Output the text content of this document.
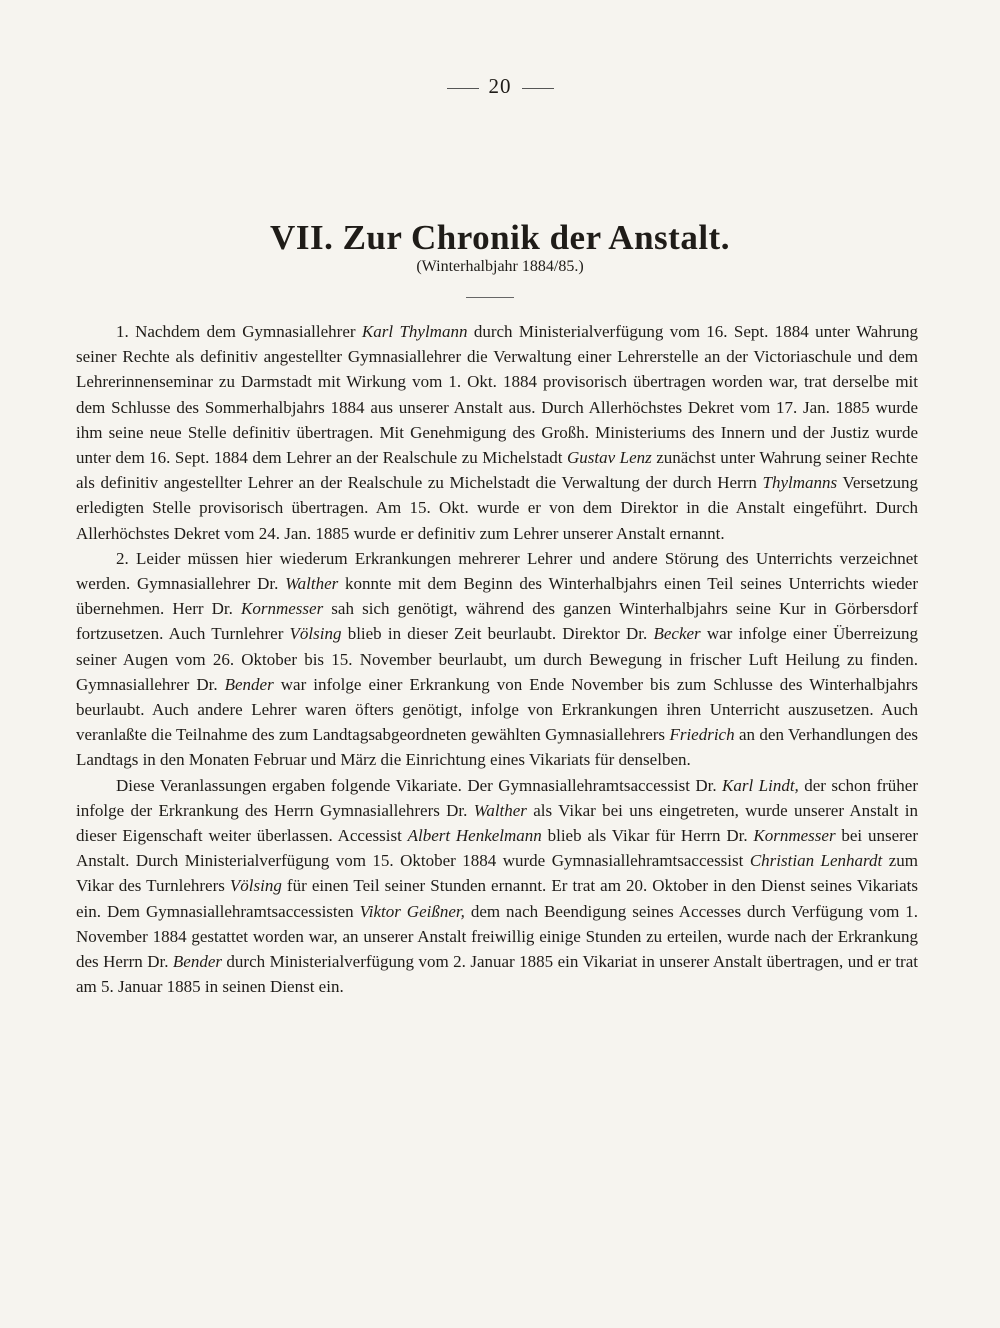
20
VII. Zur Chronik der Anstalt.
(Winterhalbjahr 1884/85.)

1. Nachdem dem Gymnasiallehrer Karl Thylmann durch Ministerialverfügung vom 16. Sept. 1884 unter Wahrung seiner Rechte als definitiv angestellter Gymnasiallehrer die Verwaltung einer Lehrerstelle an der Victoriaschule und dem Lehrerinnenseminar zu Darmstadt mit Wirkung vom 1. Okt. 1884 provisorisch übertragen worden war, trat derselbe mit dem Schlusse des Sommerhalbjahrs 1884 aus unserer Anstalt aus. Durch Allerhöchstes Dekret vom 17. Jan. 1885 wurde ihm seine neue Stelle definitiv übertragen. Mit Genehmigung des Großh. Ministeriums des Innern und der Justiz wurde unter dem 16. Sept. 1884 dem Lehrer an der Realschule zu Michelstadt Gustav Lenz zunächst unter Wahrung seiner Rechte als definitiv angestellter Lehrer an der Realschule zu Michelstadt die Verwaltung der durch Herrn Thylmanns Versetzung erledigten Stelle provisorisch übertragen. Am 15. Okt. wurde er von dem Direktor in die Anstalt eingeführt. Durch Allerhöchstes Dekret vom 24. Jan. 1885 wurde er definitiv zum Lehrer unserer Anstalt ernannt.

2. Leider müssen hier wiederum Erkrankungen mehrerer Lehrer und andere Störung des Unterrichts verzeichnet werden. Gymnasiallehrer Dr. Walther konnte mit dem Beginn des Winterhalbjahrs einen Teil seines Unterrichts wieder übernehmen. Herr Dr. Kornmesser sah sich genötigt, während des ganzen Winterhalbjahrs seine Kur in Görbersdorf fortzusetzen. Auch Turnlehrer Völsing blieb in dieser Zeit beurlaubt. Direktor Dr. Becker war infolge einer Überreizung seiner Augen vom 26. Oktober bis 15. November beurlaubt, um durch Bewegung in frischer Luft Heilung zu finden. Gymnasiallehrer Dr. Bender war infolge einer Erkrankung von Ende November bis zum Schlusse des Winterhalbjahrs beurlaubt. Auch andere Lehrer waren öfters genötigt, infolge von Erkrankungen ihren Unterricht auszusetzen. Auch veranlaßte die Teilnahme des zum Landtagsabgeordneten gewählten Gymnasiallehrers Friedrich an den Verhandlungen des Landtags in den Monaten Februar und März die Einrichtung eines Vikariats für denselben.

Diese Veranlassungen ergaben folgende Vikariate. Der Gymnasiallehramtsaccessist Dr. Karl Lindt, der schon früher infolge der Erkrankung des Herrn Gymnasiallehrers Dr. Walther als Vikar bei uns eingetreten, wurde unserer Anstalt in dieser Eigenschaft weiter überlassen. Accessist Albert Henkelmann blieb als Vikar für Herrn Dr. Kornmesser bei unserer Anstalt. Durch Ministerialverfügung vom 15. Oktober 1884 wurde Gymnasiallehramtsaccessist Christian Lenhardt zum Vikar des Turnlehrers Völsing für einen Teil seiner Stunden ernannt. Er trat am 20. Oktober in den Dienst seines Vikariats ein. Dem Gymnasiallehramtsaccessisten Viktor Geißner, dem nach Beendigung seines Accesses durch Verfügung vom 1. November 1884 gestattet worden war, an unserer Anstalt freiwillig einige Stunden zu erteilen, wurde nach der Erkrankung des Herrn Dr. Bender durch Ministerialverfügung vom 2. Januar 1885 ein Vikariat in unserer Anstalt übertragen, und er trat am 5. Januar 1885 in seinen Dienst ein.
